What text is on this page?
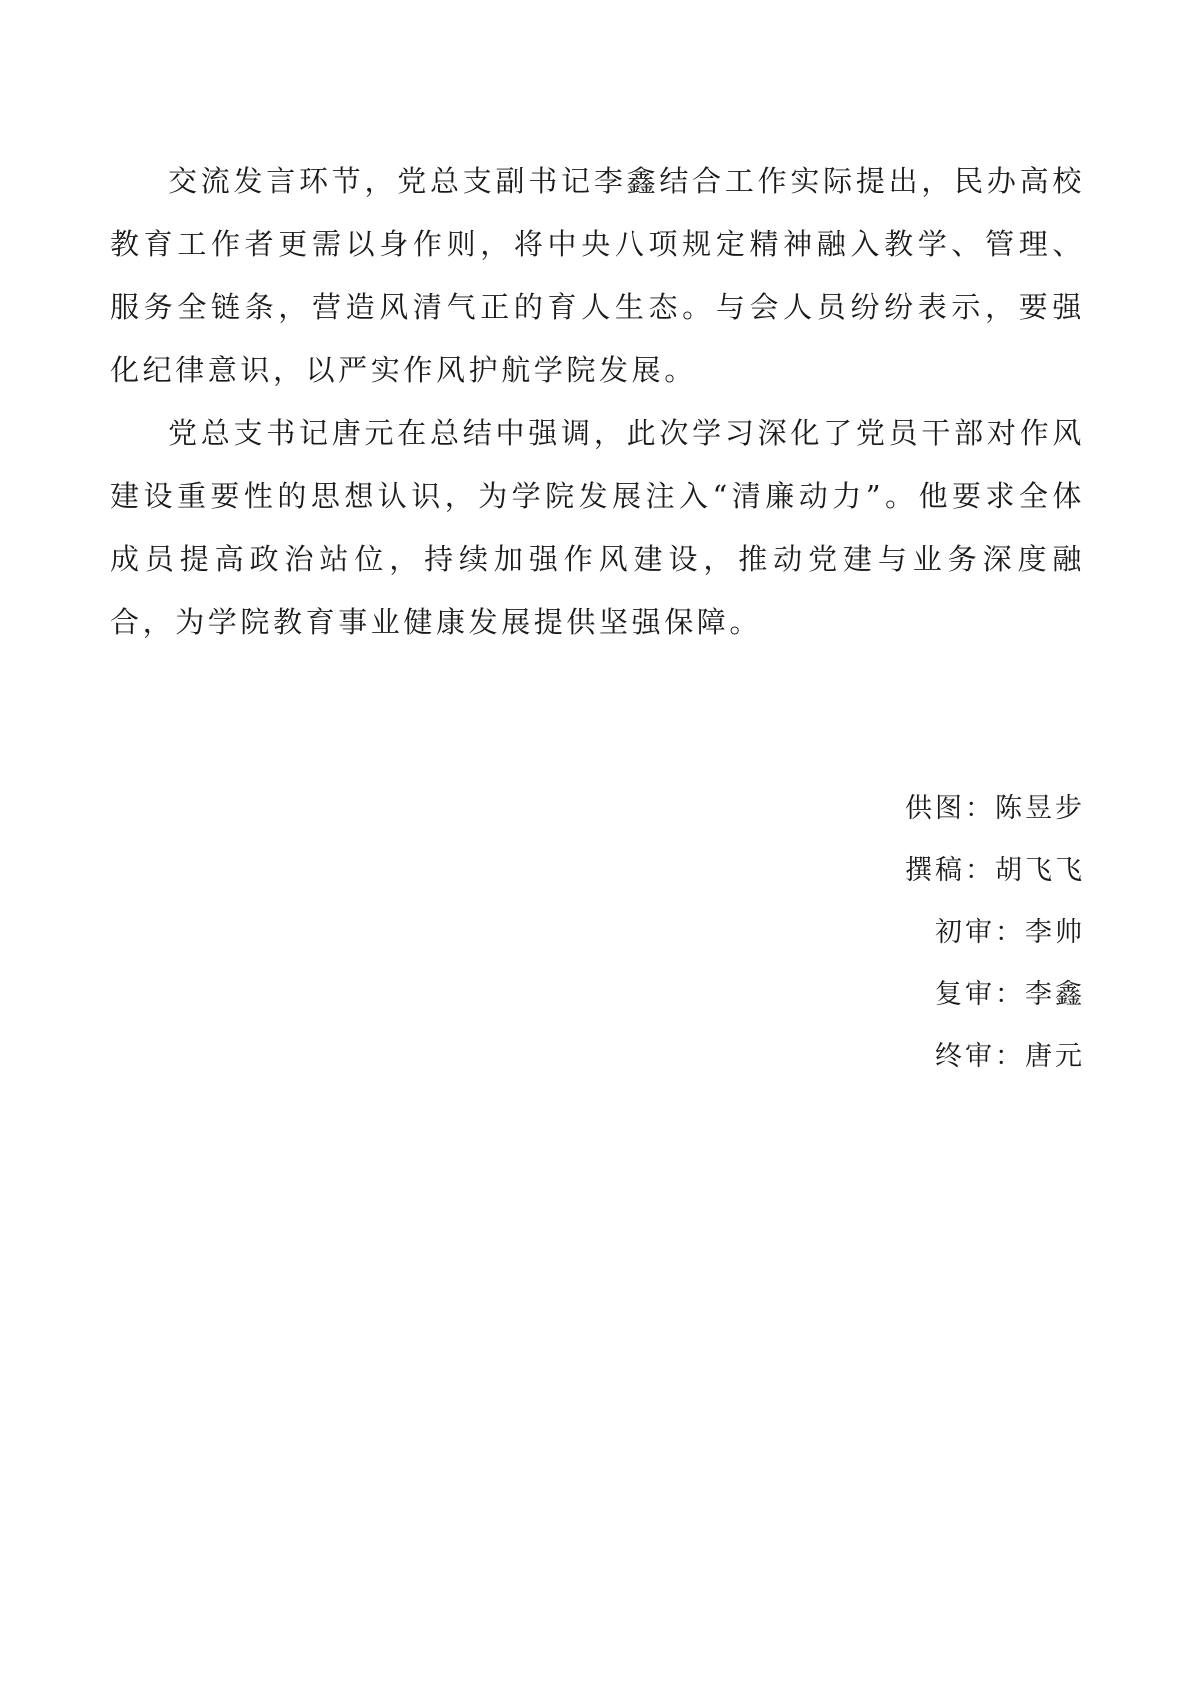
交流发言环节，党总支副书记李鑫结合工作实际提出，民办高校教育工作者更需以身作则，将中央八项规定精神融入教学、管理、服务全链条，营造风清气正的育人生态。与会人员纷纷表示，要强化纪律意识，以严实作风护航学院发展。

党总支书记唐元在总结中强调，此次学习深化了党员干部对作风建设重要性的思想认识，为学院发展注入“清廉动力”。他要求全体成员提高政治站位，持续加强作风建设，推动党建与业务深度融合，为学院教育事业健康发展提供坚强保障。

供图：陈昱步
撰稿：胡飞飞
初审：李帅
复审：李鑫
终审：唐元
